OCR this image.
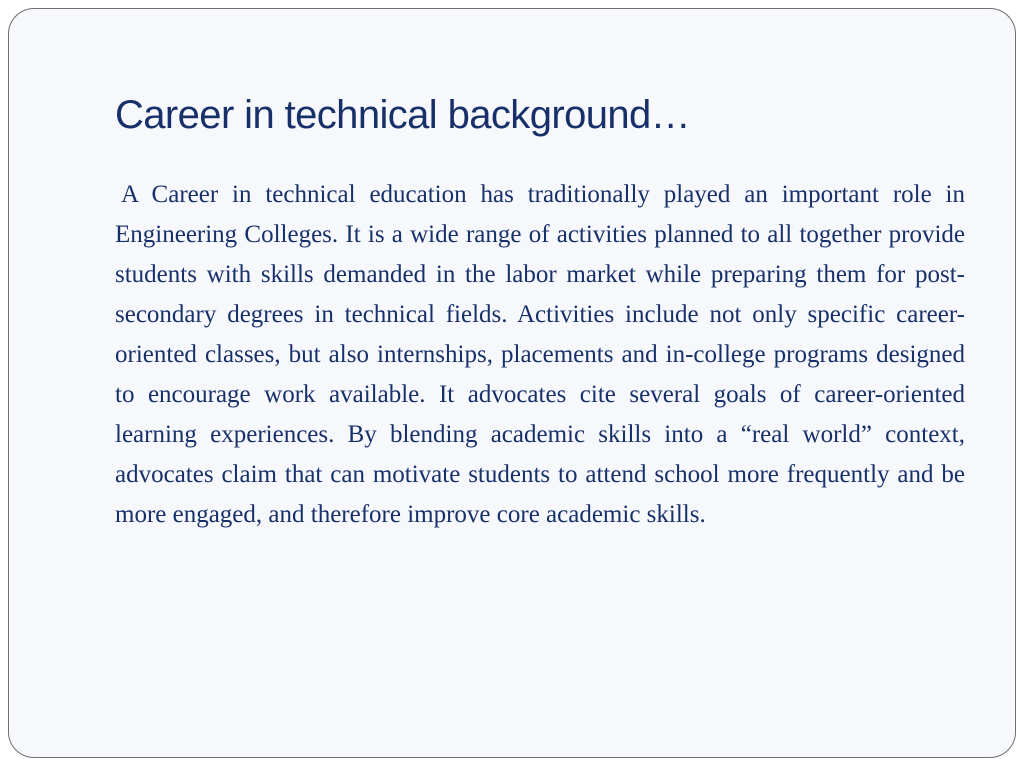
Career in technical background…

A Career in technical education has traditionally played an important role in Engineering Colleges. It is a wide range of activities planned to all together provide students with skills demanded in the labor market while preparing them for post-secondary degrees in technical fields. Activities include not only specific career-oriented classes, but also internships, placements and in-college programs designed to encourage work available. It advocates cite several goals of career-oriented learning experiences. By blending academic skills into a “real world” context, advocates claim that can motivate students to attend school more frequently and be more engaged, and therefore improve core academic skills.
